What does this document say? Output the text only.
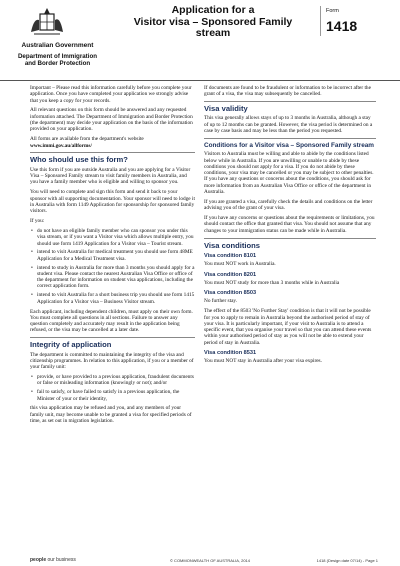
Australian Government
Department of Immigration
and Border Protection
Application for a
Visitor visa – Sponsored Family stream
Form
1418

Important – Please read this information carefully before you complete your application. Once you have completed your application we strongly advise that you keep a copy for your records.

All relevant questions on this form should be answered and any requested information attached. The Department of Immigration and Border Protection (the department) may decide your application on the basis of the information provided on your application.

All forms are available from the department's website
www.immi.gov.au/allforms/

Who should use this form?

Use this form if you are outside Australia and you are applying for a Visitor Visa – Sponsored Family stream to visit family members in Australia, and you have a family member who is eligible and willing to sponsor you.

You will need to complete and sign this form and send it back to your sponsor with all supporting documentation. Your sponsor will need to lodge it in Australia with form 1149 Application for sponsorship for sponsored family visitors.

If you:

• do not have an eligible family member who can sponsor you under this visa stream, or if you want a Visitor visa which allows multiple entry, you should use form 1419 Application for a Visitor visa – Tourist stream.
• intend to visit Australia for medical treatment you should use form 48ME Application for a Medical Treatment visa.
• intend to study in Australia for more than 3 months you should apply for a student visa. Please contact the nearest Australian Visa Office or office of the department for information on student visa applications, including the correct application form.
• intend to visit Australia for a short business trip you should use form 1415 Application for a Visitor visa – Business Visitor stream.

Each applicant, including dependent children, must apply on their own form. You must complete all questions in all sections. Failure to answer any question completely and accurately may result in the application being refused, or the visa may be cancelled at a later date.

Integrity of application

The department is committed to maintaining the integrity of the visa and citizenship programmes. In relation to this application, if you or a member of your family unit:

• provide, or have provided to a previous application, fraudulent documents or false or misleading information (knowingly or not); and/or
• fail to satisfy, or have failed to satisfy in a previous application, the Minister of your or their identity,

this visa application may be refused and you, and any members of your family unit, may become unable to be granted a visa for specified periods of time, as set out in migration legislation.

If documents are found to be fraudulent or information to be incorrect after the grant of a visa, the visa may subsequently be cancelled.

Visa validity

This visa generally allows stays of up to 3 months in Australia, although a stay of up to 12 months can be granted. However, the visa period is determined on a case by case basis and may be less than the period you requested.

Conditions for a Visitor visa – Sponsored Family stream

Visitors to Australia must be willing and able to abide by the conditions listed below while in Australia. If you are unwilling or unable to abide by these conditions you should not apply for a visa. If you do not abide by these conditions, your visa may be cancelled or you may be subject to other penalties. If you have any questions or concerns about the conditions, you should ask for more information from an Australian Visa Office or office of the department in Australia.

If you are granted a visa, carefully check the details and conditions on the letter advising you of the grant of your visa.

If you have any concerns or questions about the requirements or limitations, you should contact the office that granted that visa. You should not assume that any changes to your immigration status can be made while in Australia.

Visa conditions
Visa condition 8101

You must NOT work in Australia.

Visa condition 8201

You must NOT study for more than 3 months while in Australia

Visa condition 8503

No further stay.

The effect of the 8503 'No Further Stay' condition is that it will not be possible for you to apply to remain in Australia beyond the authorised period of stay of your visa. It is particularly important, if your visit to Australia is to attend a specific event, that you organise your travel so that you can attend these events within your authorised period of stay as you will not be able to extend your period of stay in Australia.

Visa condition 8531

You must NOT stay in Australia after your visa expires.

people our business	© COMMONWEALTH OF AUSTRALIA, 2014	1418 (Design date 07/14) - Page 1
